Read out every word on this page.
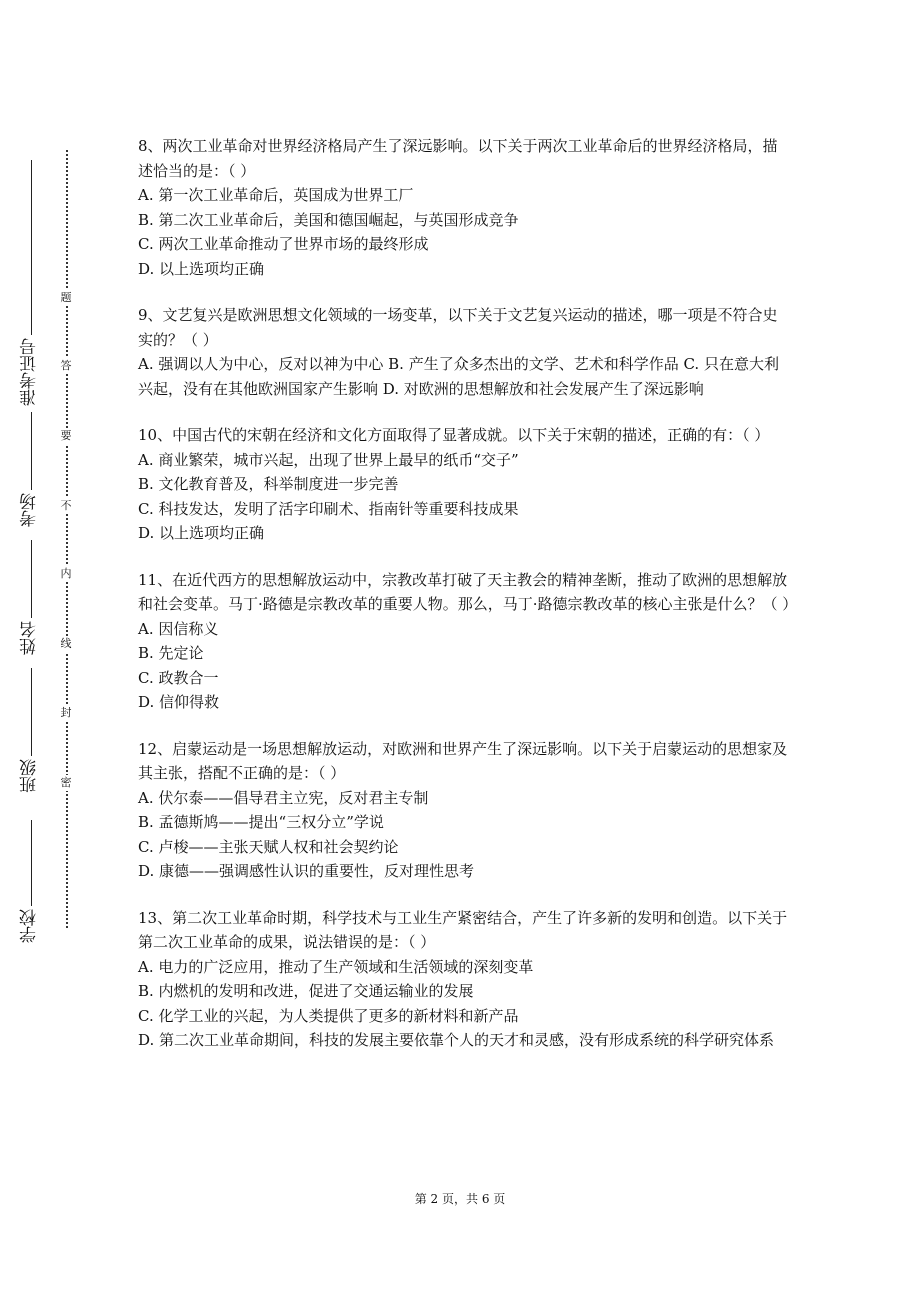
准考证号
考场
姓名
班级
学校
题
答
要
不
内
线
封
密

8、两次工业革命对世界经济格局产生了深远影响。以下关于两次工业革命后的世界经济格局，描述恰当的是：（ ）

A. 第一次工业革命后，英国成为世界工厂

B. 第二次工业革命后，美国和德国崛起，与英国形成竞争

C. 两次工业革命推动了世界市场的最终形成

D. 以上选项均正确

9、文艺复兴是欧洲思想文化领域的一场变革，以下关于文艺复兴运动的描述，哪一项是不符合史实的？（ ）

A. 强调以人为中心，反对以神为中心 B. 产生了众多杰出的文学、艺术和科学作品 C. 只在意大利兴起，没有在其他欧洲国家产生影响 D. 对欧洲的思想解放和社会发展产生了深远影响

10、中国古代的宋朝在经济和文化方面取得了显著成就。以下关于宋朝的描述，正确的有：（ ）

A. 商业繁荣，城市兴起，出现了世界上最早的纸币“交子”

B. 文化教育普及，科举制度进一步完善

C. 科技发达，发明了活字印刷术、指南针等重要科技成果

D. 以上选项均正确

11、在近代西方的思想解放运动中，宗教改革打破了天主教会的精神垄断，推动了欧洲的思想解放和社会变革。马丁·路德是宗教改革的重要人物。那么，马丁·路德宗教改革的核心主张是什么？（ ）

A. 因信称义

B. 先定论

C. 政教合一

D. 信仰得救

12、启蒙运动是一场思想解放运动，对欧洲和世界产生了深远影响。以下关于启蒙运动的思想家及其主张，搭配不正确的是：（ ）

A. 伏尔泰——倡导君主立宪，反对君主专制

B. 孟德斯鸠——提出“三权分立”学说

C. 卢梭——主张天赋人权和社会契约论

D. 康德——强调感性认识的重要性，反对理性思考

13、第二次工业革命时期，科学技术与工业生产紧密结合，产生了许多新的发明和创造。以下关于第二次工业革命的成果，说法错误的是：（ ）

A. 电力的广泛应用，推动了生产领域和生活领域的深刻变革

B. 内燃机的发明和改进，促进了交通运输业的发展

C. 化学工业的兴起，为人类提供了更多的新材料和新产品

D. 第二次工业革命期间，科技的发展主要依靠个人的天才和灵感，没有形成系统的科学研究体系

第 2 页，共 6 页
